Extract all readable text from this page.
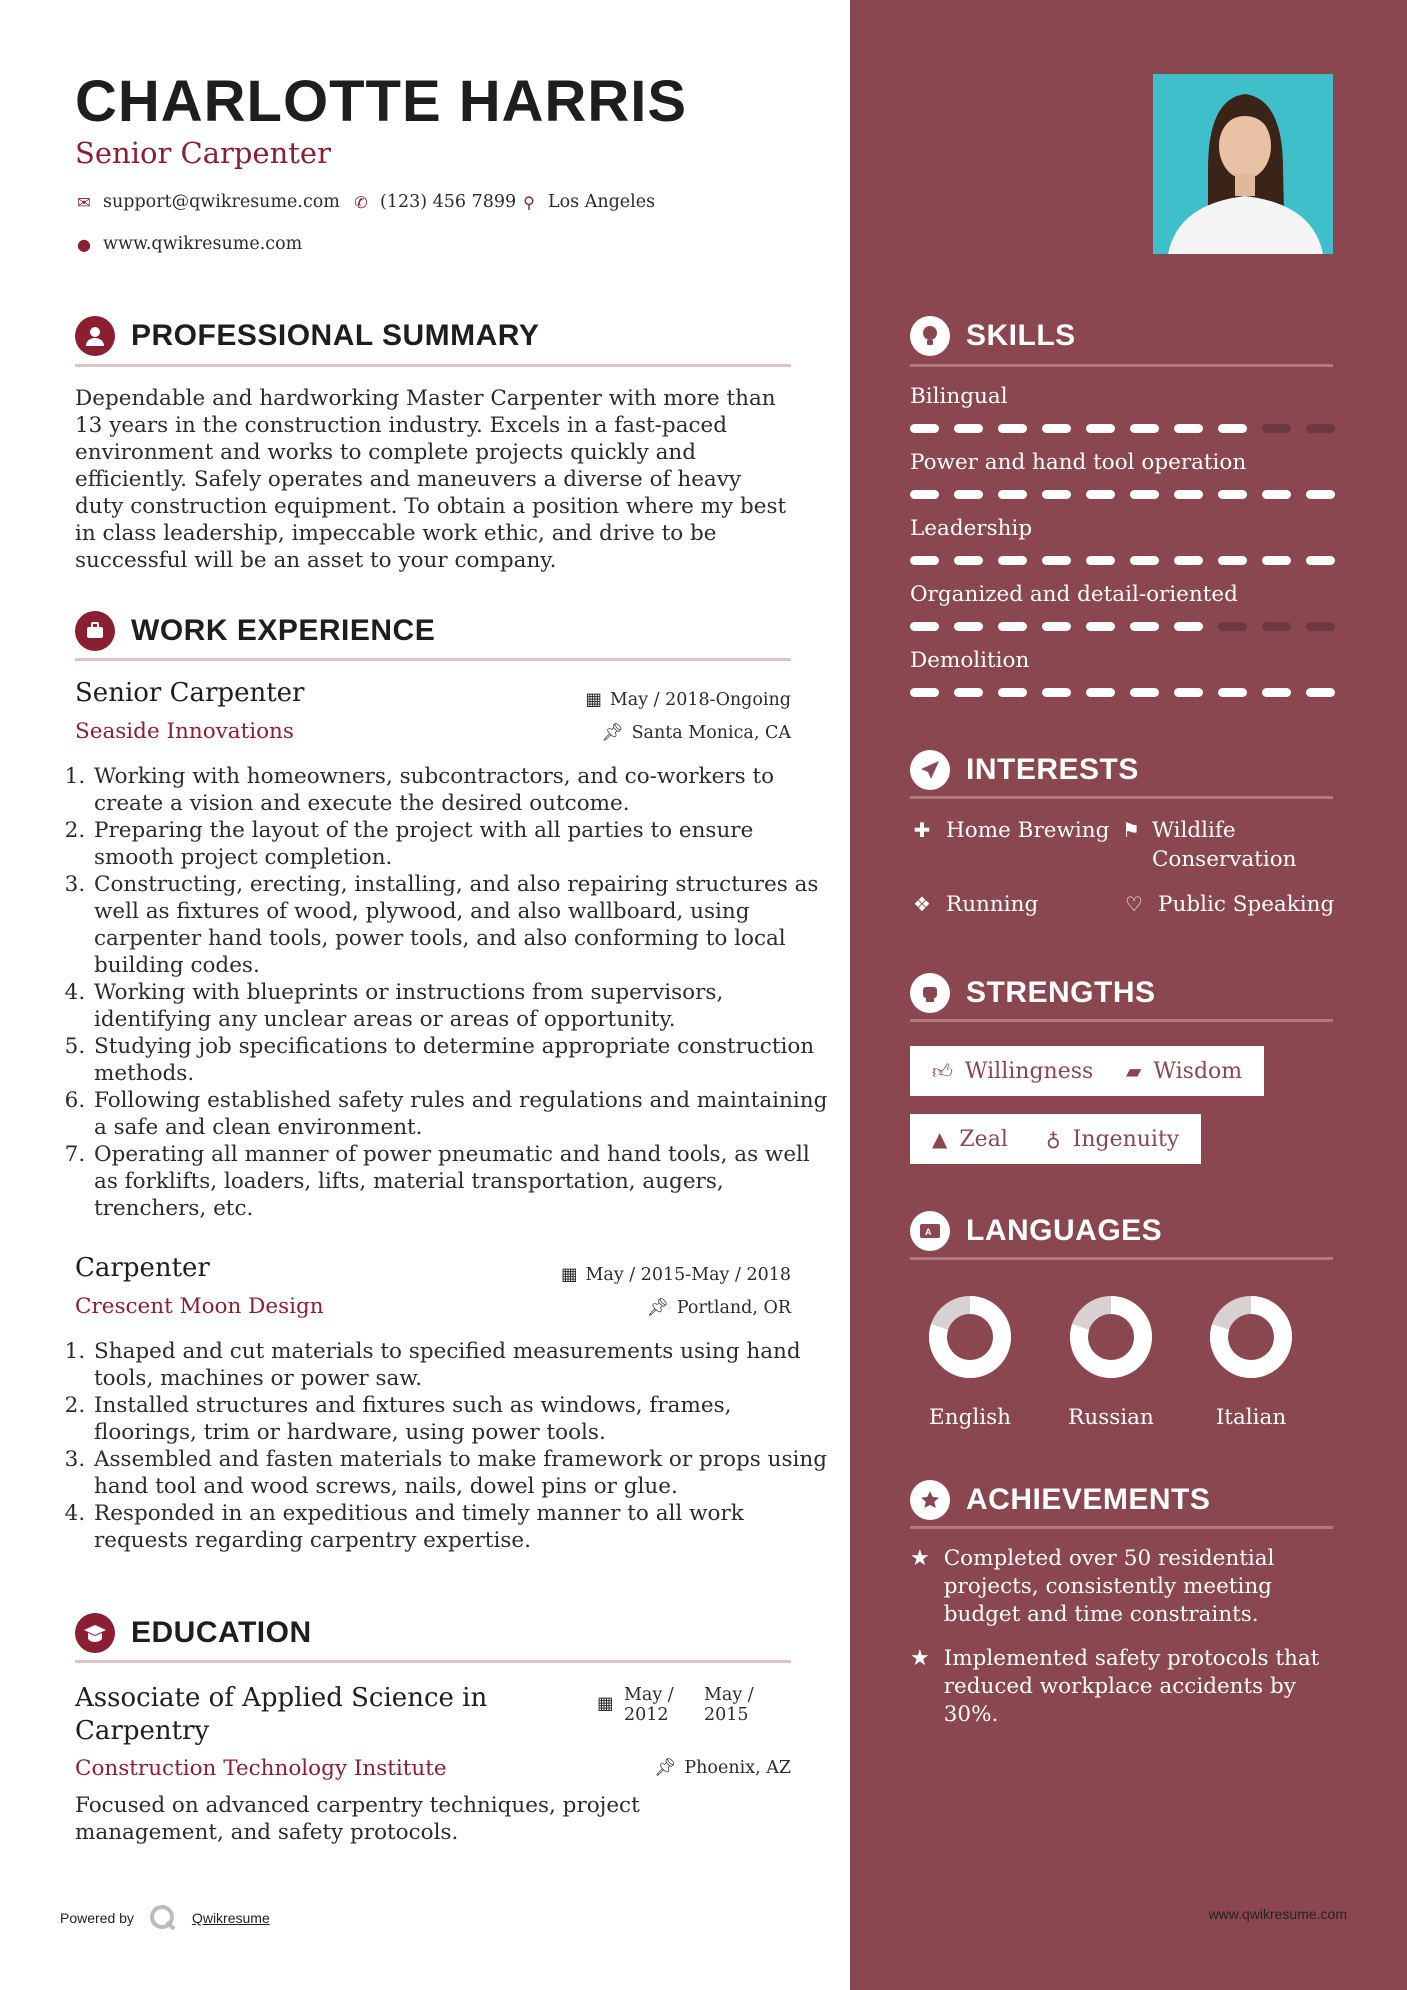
CHARLOTTE HARRIS
Senior Carpenter
✉ support@qwikresume.com ✆ (123) 456 7899 ⚲ Los Angeles
● www.qwikresume.com
PROFESSIONAL SUMMARY
Dependable and hardworking Master Carpenter with more than 13 years in the construction industry. Excels in a fast-paced environment and works to complete projects quickly and efficiently. Safely operates and maneuvers a diverse of heavy duty construction equipment. To obtain a position where my best in class leadership, impeccable work ethic, and drive to be successful will be an asset to your company.
WORK EXPERIENCE
Senior Carpenter	▦ May / 2018-Ongoing
Seaside Innovations	📌︎ Santa Monica, CA
1. Working with homeowners, subcontractors, and co-workers to create a vision and execute the desired outcome.
2. Preparing the layout of the project with all parties to ensure smooth project completion.
3. Constructing, erecting, installing, and also repairing structures as well as fixtures of wood, plywood, and also wallboard, using carpenter hand tools, power tools, and also conforming to local building codes.
4. Working with blueprints or instructions from supervisors, identifying any unclear areas or areas of opportunity.
5. Studying job specifications to determine appropriate construction methods.
6. Following established safety rules and regulations and maintaining a safe and clean environment.
7. Operating all manner of power pneumatic and hand tools, as well as forklifts, loaders, lifts, material transportation, augers, trenchers, etc.
Carpenter	▦ May / 2015-May / 2018
Crescent Moon Design	📌︎ Portland, OR
1. Shaped and cut materials to specified measurements using hand tools, machines or power saw.
2. Installed structures and fixtures such as windows, frames, floorings, trim or hardware, using power tools.
3. Assembled and fasten materials to make framework or props using hand tool and wood screws, nails, dowel pins or glue.
4. Responded in an expeditious and timely manner to all work requests regarding carpentry expertise.
EDUCATION
Associate of Applied Science in Carpentry
▦ May / 2012
May / 2015
Construction Technology Institute	📌︎ Phoenix, AZ
Focused on advanced carpentry techniques, project management, and safety protocols.
Powered by	Qwikresume
SKILLS
Bilingual
Power and hand tool operation
Leadership
Organized and detail-oriented
Demolition
INTERESTS
✚ Home Brewing ⚑ Wildlife Conservation
❖ Running	♡ Public Speaking
STRENGTHS
👍︎ Willingness ▰ Wisdom
▲ Zeal ♁ Ingenuity
A LANGUAGES
English	Russian	Italian
ACHIEVEMENTS
★ Completed over 50 residential projects, consistently meeting budget and time constraints.
★ Implemented safety protocols that reduced workplace accidents by 30%.
www.qwikresume.com
